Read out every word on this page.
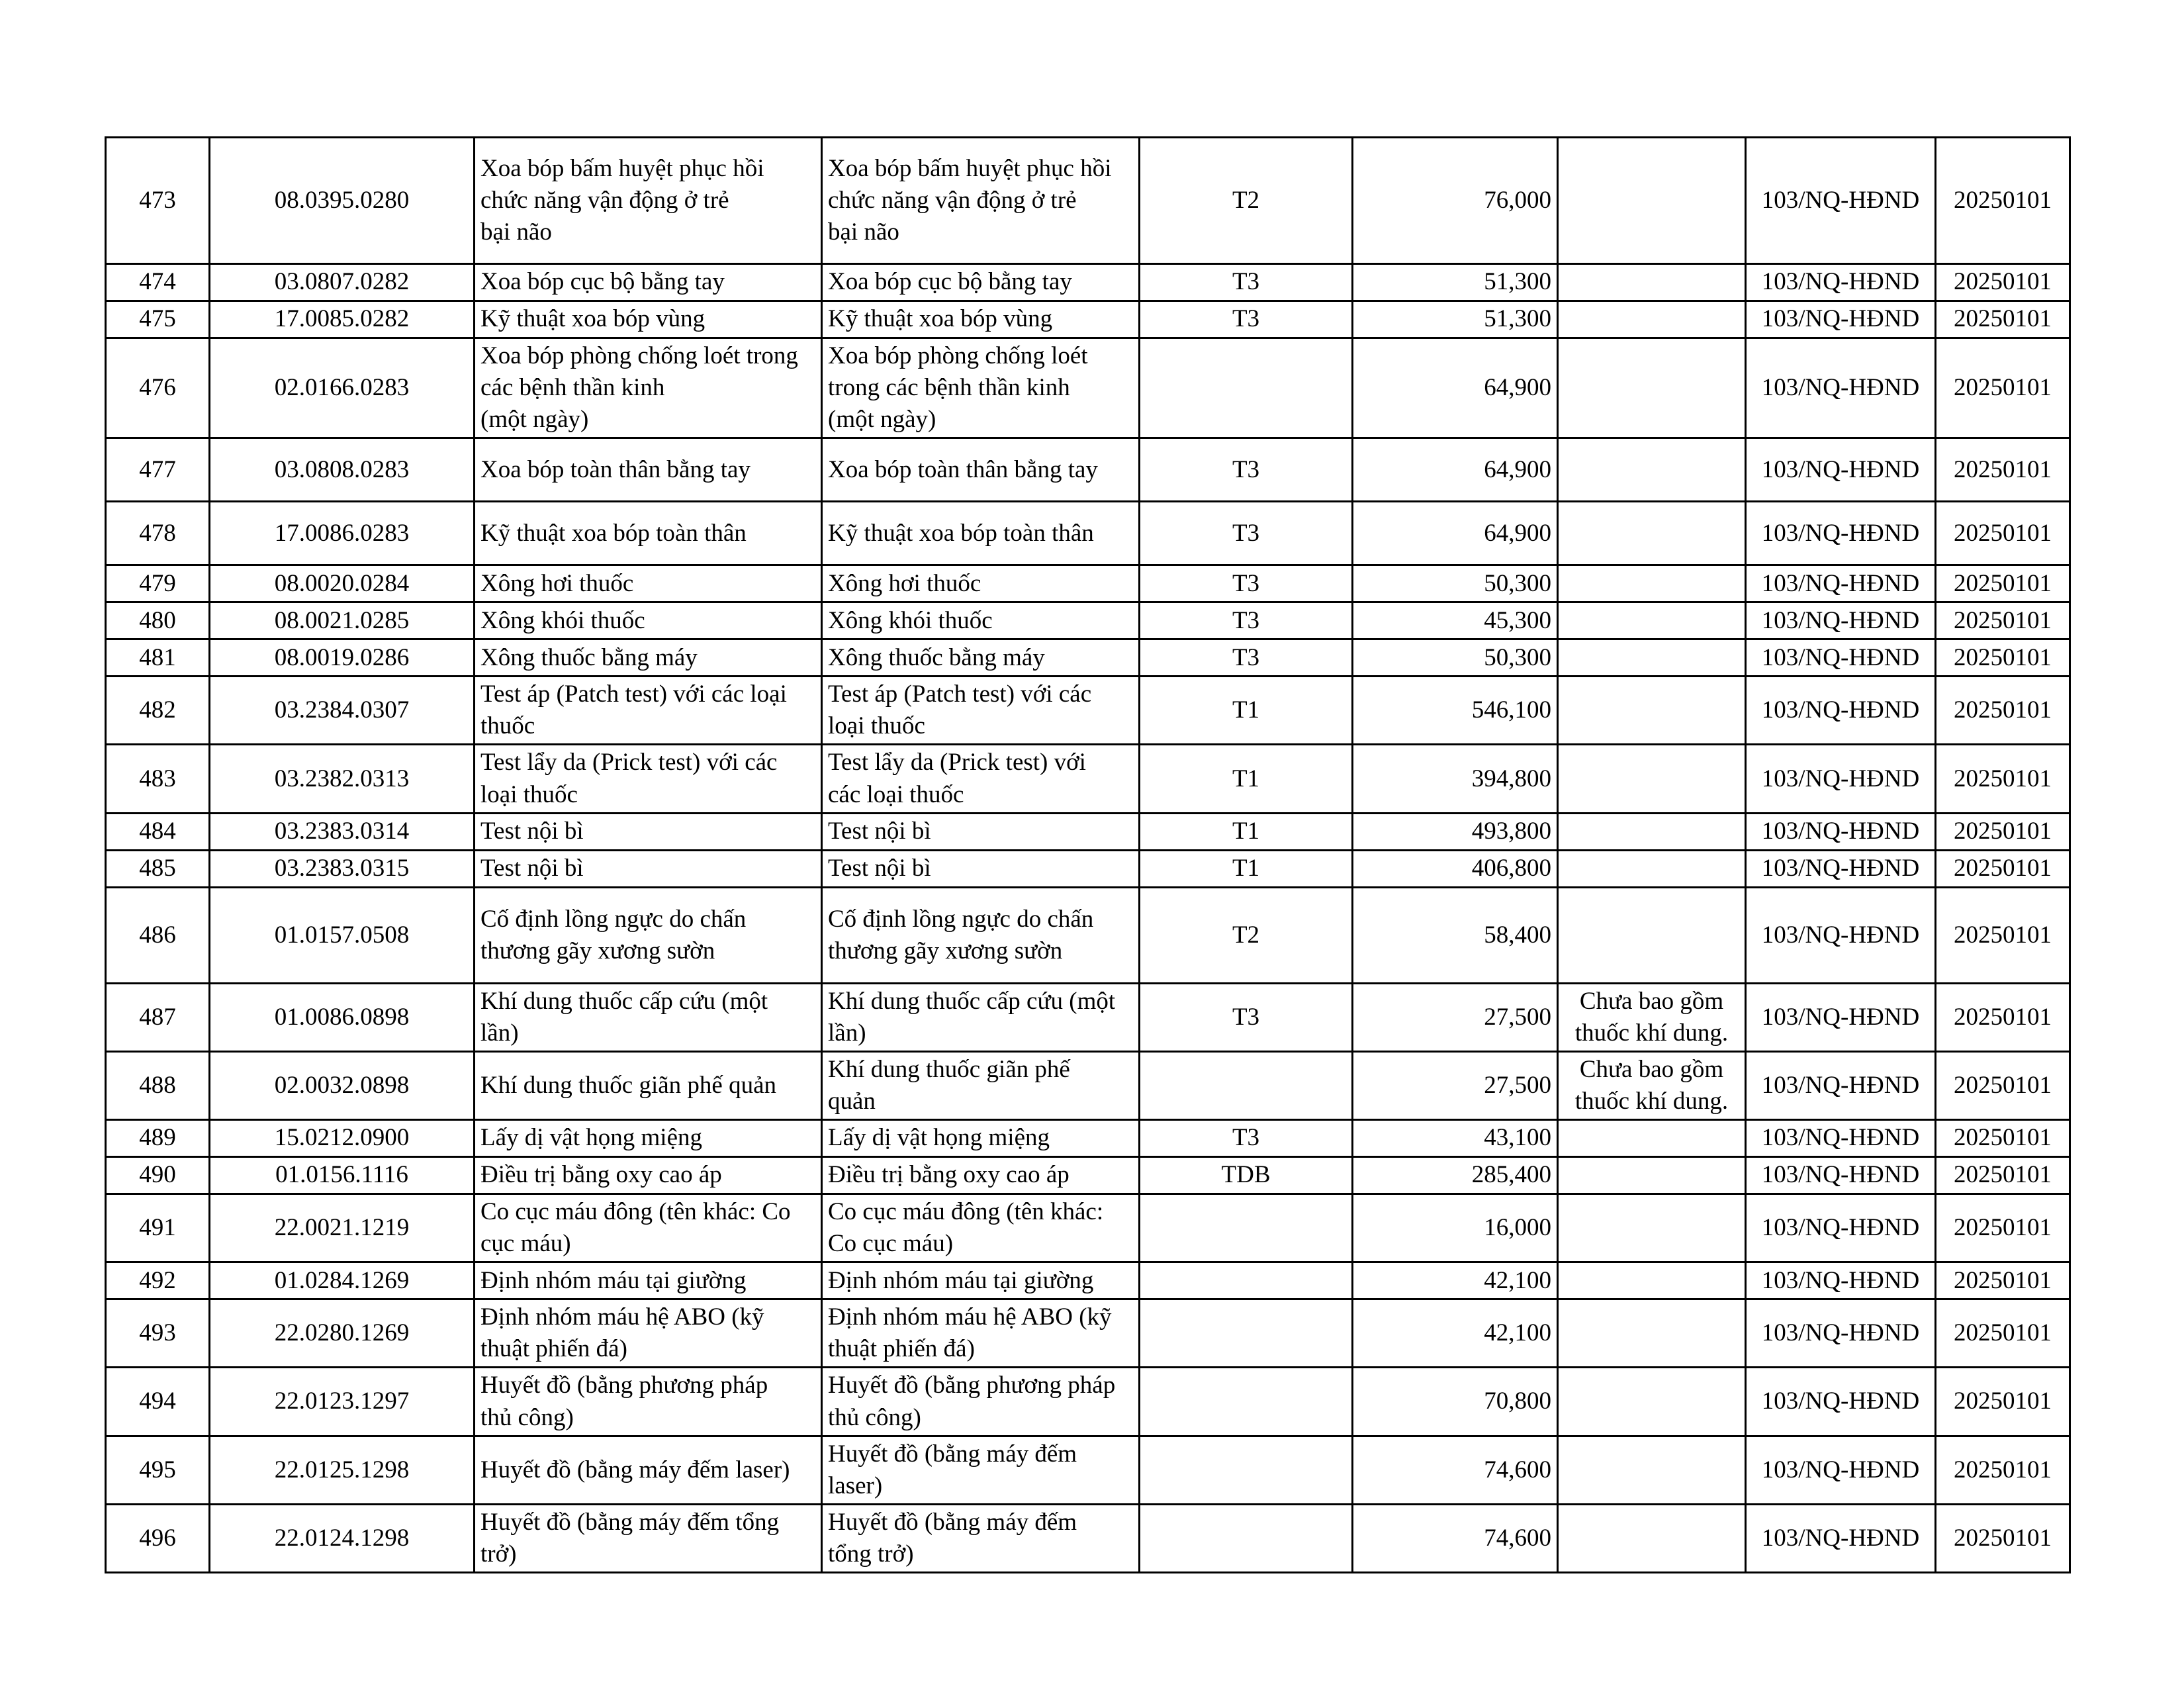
473	08.0395.0280	Xoa bóp bấm huyệt phục hồi
chức năng vận động ở trẻ
bại não	Xoa bóp bấm huyệt phục hồi
chức năng vận động ở trẻ
bại não	T2	76,000		103/NQ-HĐND	20250101
474	03.0807.0282	Xoa bóp cục bộ bằng tay	Xoa bóp cục bộ bằng tay	T3	51,300		103/NQ-HĐND	20250101
475	17.0085.0282	Kỹ thuật xoa bóp vùng	Kỹ thuật xoa bóp vùng	T3	51,300		103/NQ-HĐND	20250101
476	02.0166.0283	Xoa bóp phòng chống loét trong
các bệnh thần kinh
(một ngày)	Xoa bóp phòng chống loét
trong các bệnh thần kinh
(một ngày)		64,900		103/NQ-HĐND	20250101
477	03.0808.0283	Xoa bóp toàn thân bằng tay	Xoa bóp toàn thân bằng tay	T3	64,900		103/NQ-HĐND	20250101
478	17.0086.0283	Kỹ thuật xoa bóp toàn thân	Kỹ thuật xoa bóp toàn thân	T3	64,900		103/NQ-HĐND	20250101
479	08.0020.0284	Xông hơi thuốc	Xông hơi thuốc	T3	50,300		103/NQ-HĐND	20250101
480	08.0021.0285	Xông khói thuốc	Xông khói thuốc	T3	45,300		103/NQ-HĐND	20250101
481	08.0019.0286	Xông thuốc bằng máy	Xông thuốc bằng máy	T3	50,300		103/NQ-HĐND	20250101
482	03.2384.0307	Test áp (Patch test) với các loại
thuốc	Test áp (Patch test) với các
loại thuốc	T1	546,100		103/NQ-HĐND	20250101
483	03.2382.0313	Test lẩy da (Prick test) với các
loại thuốc	Test lẩy da (Prick test) với
các loại thuốc	T1	394,800		103/NQ-HĐND	20250101
484	03.2383.0314	Test nội bì	Test nội bì	T1	493,800		103/NQ-HĐND	20250101
485	03.2383.0315	Test nội bì	Test nội bì	T1	406,800		103/NQ-HĐND	20250101
486	01.0157.0508	Cố định lồng ngực do chấn
thương gãy xương sườn	Cố định lồng ngực do chấn
thương gãy xương sườn	T2	58,400		103/NQ-HĐND	20250101
487	01.0086.0898	Khí dung thuốc cấp cứu (một
lần)	Khí dung thuốc cấp cứu (một
lần)	T3	27,500	Chưa bao gồm
thuốc khí dung.	103/NQ-HĐND	20250101
488	02.0032.0898	Khí dung thuốc giãn phế quản	Khí dung thuốc giãn phế
quản		27,500	Chưa bao gồm
thuốc khí dung.	103/NQ-HĐND	20250101
489	15.0212.0900	Lấy dị vật họng miệng	Lấy dị vật họng miệng	T3	43,100		103/NQ-HĐND	20250101
490	01.0156.1116	Điều trị bằng oxy cao áp	Điều trị bằng oxy cao áp	TDB	285,400		103/NQ-HĐND	20250101
491	22.0021.1219	Co cục máu đông (tên khác: Co
cục máu)	Co cục máu đông (tên khác:
Co cục máu)		16,000		103/NQ-HĐND	20250101
492	01.0284.1269	Định nhóm máu tại giường	Định nhóm máu tại giường		42,100		103/NQ-HĐND	20250101
493	22.0280.1269	Định nhóm máu hệ ABO (kỹ
thuật phiến đá)	Định nhóm máu hệ ABO (kỹ
thuật phiến đá)		42,100		103/NQ-HĐND	20250101
494	22.0123.1297	Huyết đồ (bằng phương pháp
thủ công)	Huyết đồ (bằng phương pháp
thủ công)		70,800		103/NQ-HĐND	20250101
495	22.0125.1298	Huyết đồ (bằng máy đếm laser)	Huyết đồ (bằng máy đếm
laser)		74,600		103/NQ-HĐND	20250101
496	22.0124.1298	Huyết đồ (bằng máy đếm tổng
trở)	Huyết đồ (bằng máy đếm
tổng trở)		74,600		103/NQ-HĐND	20250101
